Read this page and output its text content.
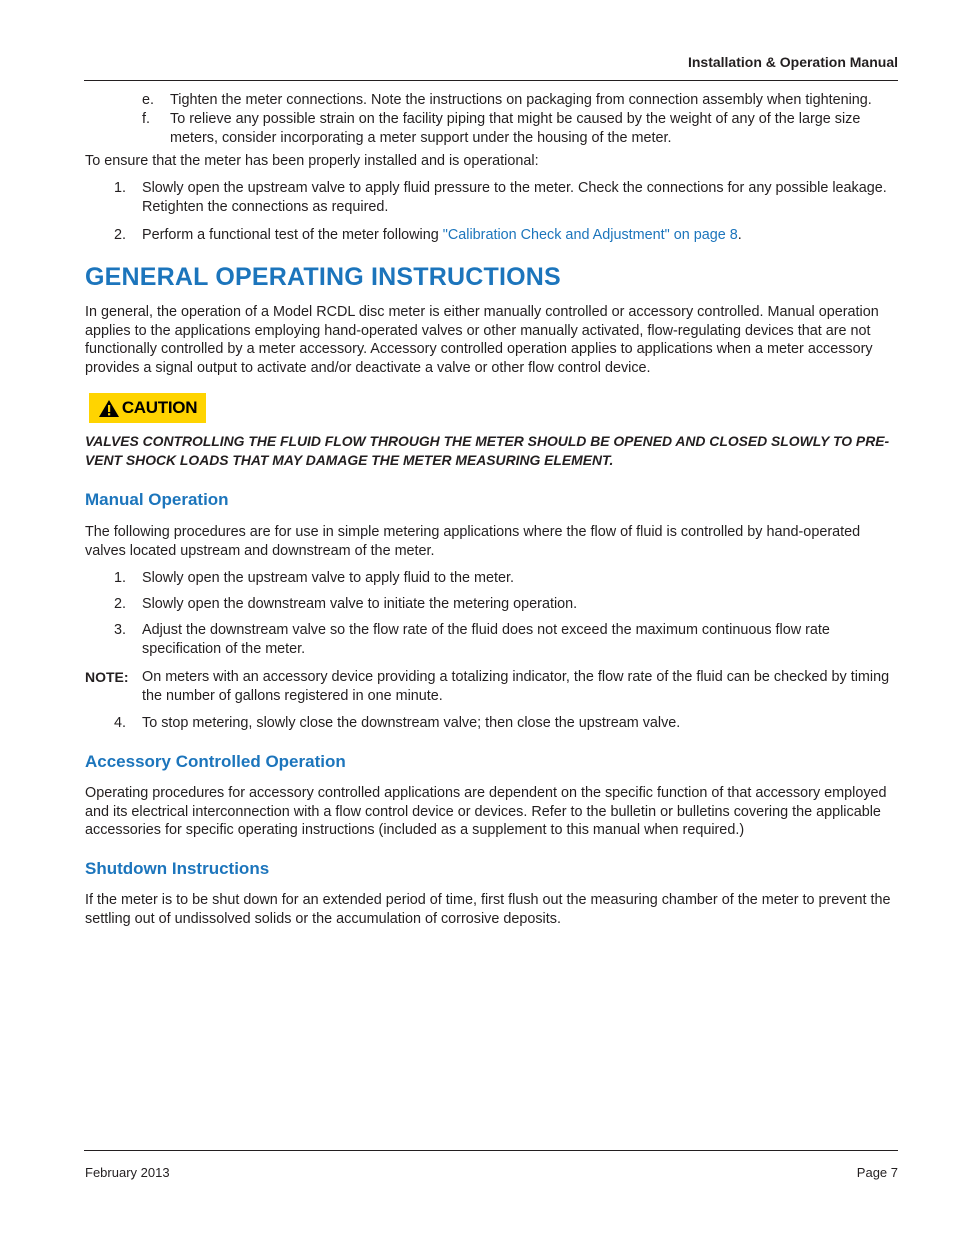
Installation & Operation Manual
e. Tighten the meter connections. Note the instructions on packaging from connection assembly when tightening.
f. To relieve any possible strain on the facility piping that might be caused by the weight of any of the large size meters, consider incorporating a meter support under the housing of the meter.
To ensure that the meter has been properly installed and is operational:
1. Slowly open the upstream valve to apply fluid pressure to the meter. Check the connections for any possible leakage. Retighten the connections as required.
2. Perform a functional test of the meter following "Calibration Check and Adjustment" on page 8.
GENERAL OPERATING INSTRUCTIONS
In general, the operation of a Model RCDL disc meter is either manually controlled or accessory controlled. Manual operation applies to the applications employing hand-operated valves or other manually activated, flow-regulating devices that are not functionally controlled by a meter accessory. Accessory controlled operation applies to applications when a meter accessory provides a signal output to activate and/or deactivate a valve or other flow control device.
CAUTION
VALVES CONTROLLING THE FLUID FLOW THROUGH THE METER SHOULD BE OPENED AND CLOSED SLOWLY TO PRE-VENT SHOCK LOADS THAT MAY DAMAGE THE METER MEASURING ELEMENT.
Manual Operation
The following procedures are for use in simple metering applications where the flow of fluid is controlled by hand-operated valves located upstream and downstream of the meter.
1. Slowly open the upstream valve to apply fluid to the meter.
2. Slowly open the downstream valve to initiate the metering operation.
3. Adjust the downstream valve so the flow rate of the fluid does not exceed the maximum continuous flow rate specification of the meter.
NOTE: On meters with an accessory device providing a totalizing indicator, the flow rate of the fluid can be checked by timing the number of gallons registered in one minute.
4. To stop metering, slowly close the downstream valve; then close the upstream valve.
Accessory Controlled Operation
Operating procedures for accessory controlled applications are dependent on the specific function of that accessory employed and its electrical interconnection with a flow control device or devices. Refer to the bulletin or bulletins covering the applicable accessories for specific operating instructions (included as a supplement to this manual when required.)
Shutdown Instructions
If the meter is to be shut down for an extended period of time, first flush out the measuring chamber of the meter to prevent the settling out of undissolved solids or the accumulation of corrosive deposits.
February 2013	Page 7
